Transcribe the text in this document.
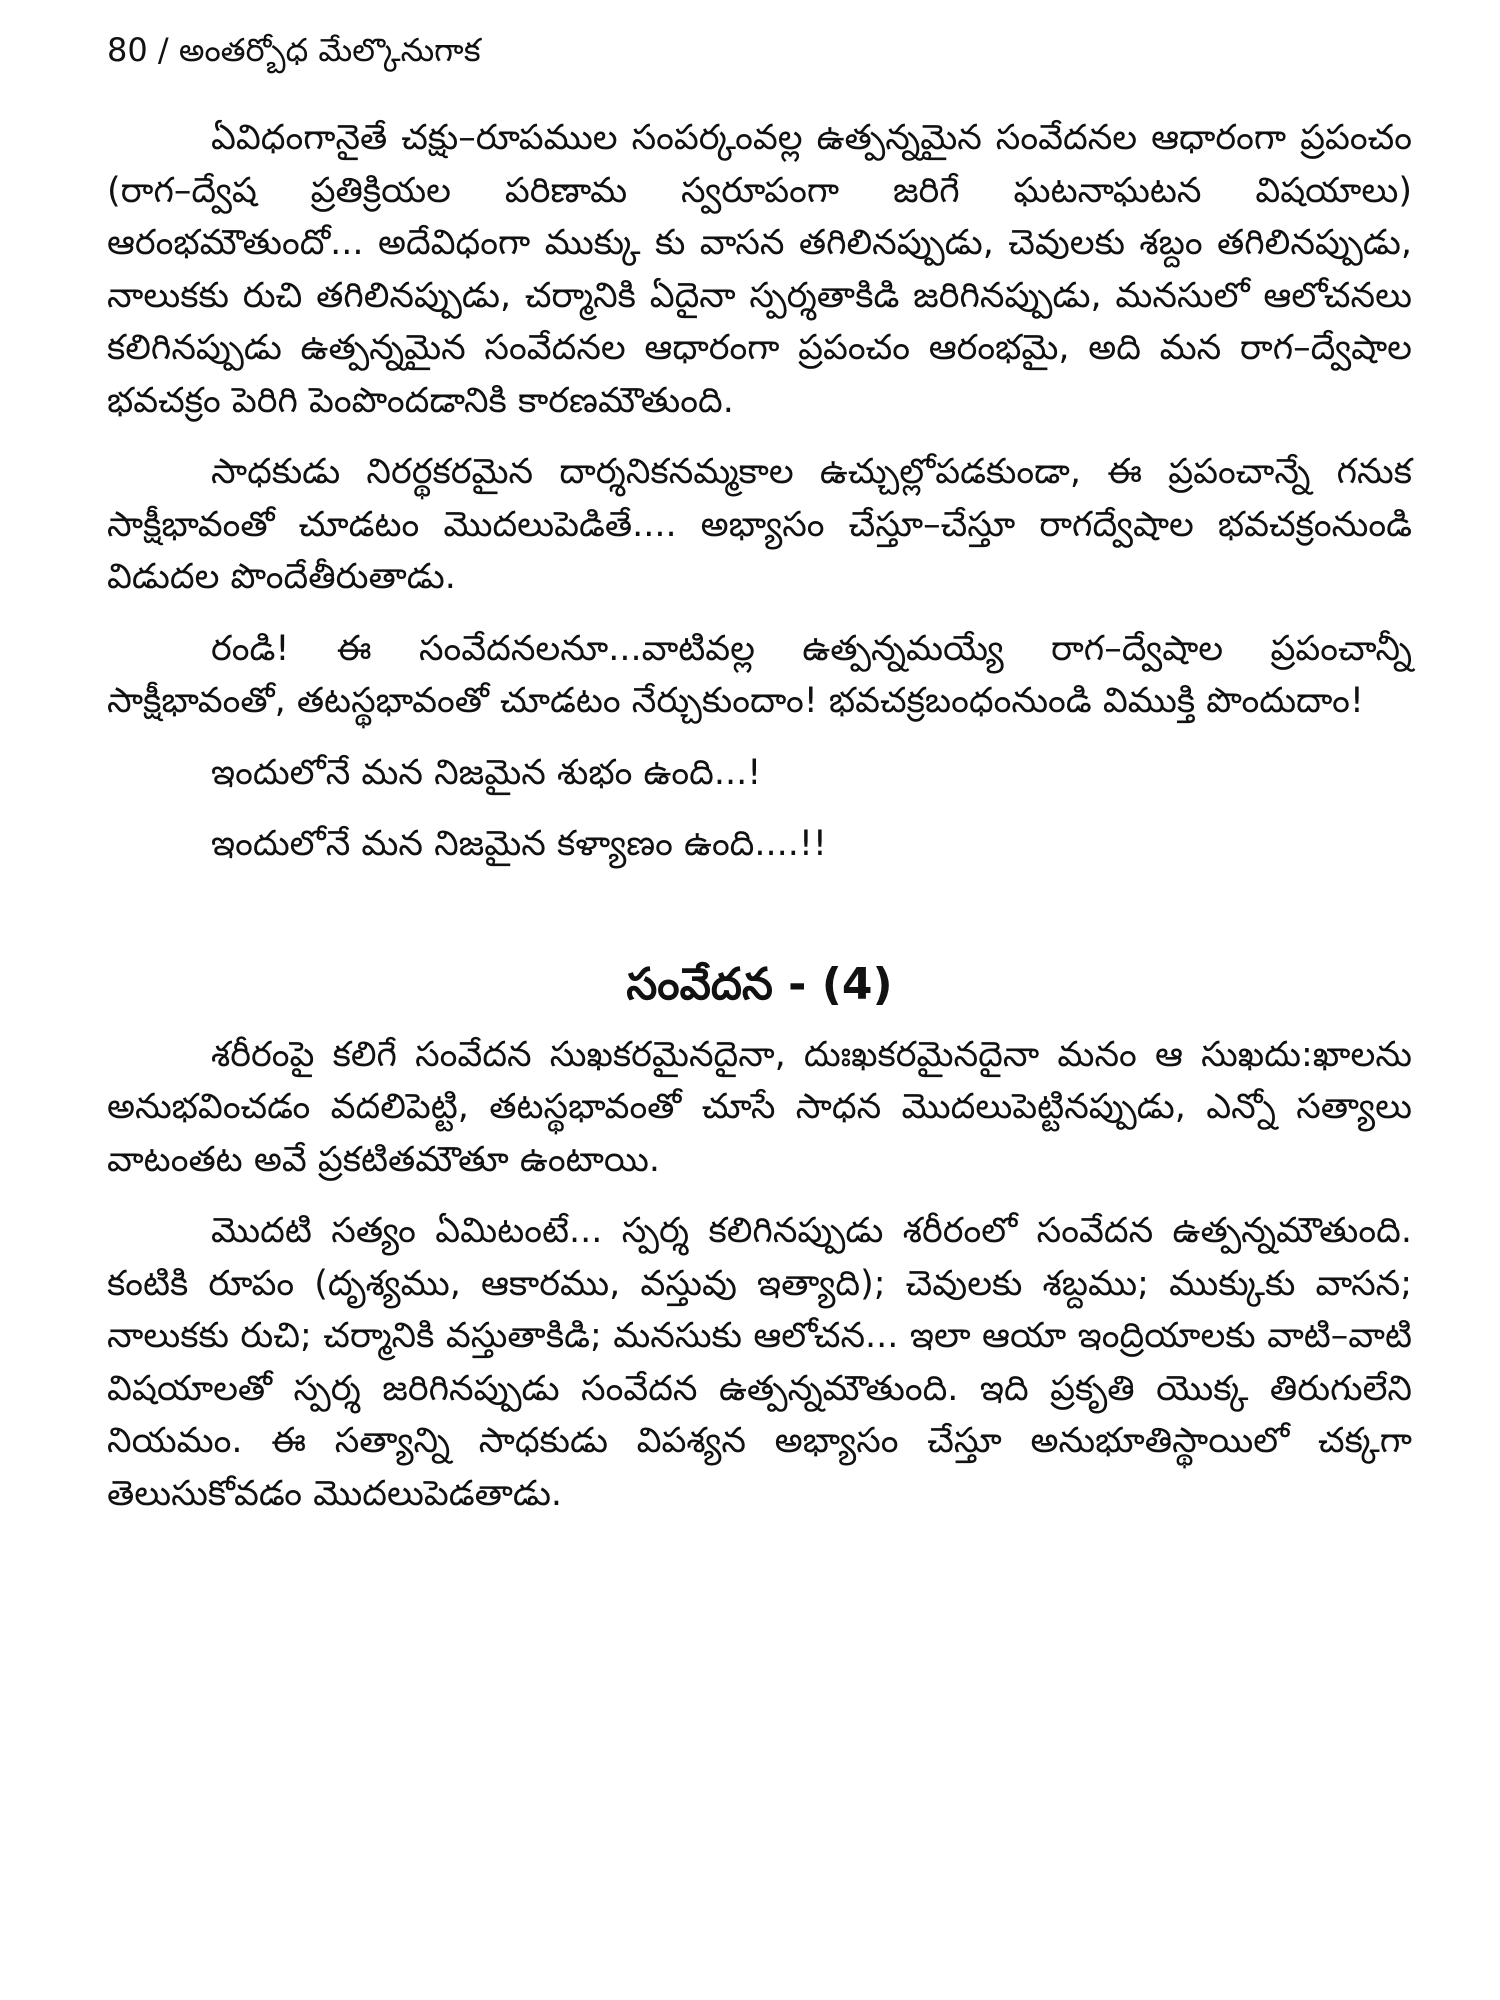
80 / అంతర్బోధ మేల్కొనుగాక

ఏవిధంగానైతే చక్షు–రూపముల సంపర్కంవల్ల ఉత్పన్నమైన సంవేదనల ఆధారంగా ప్రపంచం (రాగ–ద్వేష ప్రతిక్రియల పరిణామ స్వరూపంగా జరిగే ఘటనాఘటన విషయాలు) ఆరంభమౌతుందో... అదేవిధంగా ముక్కు కు వాసన తగిలినప్పుడు, చెవులకు శబ్దం తగిలినప్పుడు, నాలుకకు రుచి తగిలినప్పుడు, చర్మానికి ఏదైనా స్పర్శతాకిడి జరిగినప్పుడు, మనసులో ఆలోచనలు కలిగినప్పుడు ఉత్పన్నమైన సంవేదనల ఆధారంగా ప్రపంచం ఆరంభమై, అది మన రాగ–ద్వేషాల భవచక్రం పెరిగి పెంపొందడానికి కారణమౌతుంది.

సాధకుడు నిరర్థకరమైన దార్శనికనమ్మకాల ఉచ్చుల్లోపడకుండా, ఈ ప్రపంచాన్నే గనుక సాక్షీభావంతో చూడటం మొదలుపెడితే.... అభ్యాసం చేస్తూ–చేస్తూ రాగద్వేషాల భవచక్రంనుండి విడుదల పొందేతీరుతాడు.

రండి! ఈ సంవేదనలనూ...వాటివల్ల ఉత్పన్నమయ్యే రాగ–ద్వేషాల ప్రపంచాన్నీ సాక్షీభావంతో, తటస్థభావంతో చూడటం నేర్చుకుందాం! భవచక్రబంధంనుండి విముక్తి పొందుదాం!

ఇందులోనే మన నిజమైన శుభం ఉంది...!

ఇందులోనే మన నిజమైన కళ్యాణం ఉంది....!!

సంవేదన - (4)

శరీరంపై కలిగే సంవేదన సుఖకరమైనదైనా, దుఃఖకరమైనదైనా మనం ఆ సుఖదు:ఖాలను అనుభవించడం వదలిపెట్టి, తటస్థభావంతో చూసే సాధన మొదలుపెట్టినప్పుడు, ఎన్నో సత్యాలు వాటంతట అవే ప్రకటితమౌతూ ఉంటాయి.

మొదటి సత్యం ఏమిటంటే... స్పర్శ కలిగినప్పుడు శరీరంలో సంవేదన ఉత్పన్నమౌతుంది. కంటికి రూపం (దృశ్యము, ఆకారము, వస్తువు ఇత్యాది); చెవులకు శబ్దము; ముక్కుకు వాసన; నాలుకకు రుచి; చర్మానికి వస్తుతాకిడి; మనసుకు ఆలోచన... ఇలా ఆయా ఇంద్రియాలకు వాటి–వాటి విషయాలతో స్పర్శ జరిగినప్పుడు సంవేదన ఉత్పన్నమౌతుంది. ఇది ప్రకృతి యొక్క తిరుగులేని నియమం. ఈ సత్యాన్ని సాధకుడు విపశ్యన అభ్యాసం చేస్తూ అనుభూతిస్థాయిలో చక్కగా తెలుసుకోవడం మొదలుపెడతాడు.
